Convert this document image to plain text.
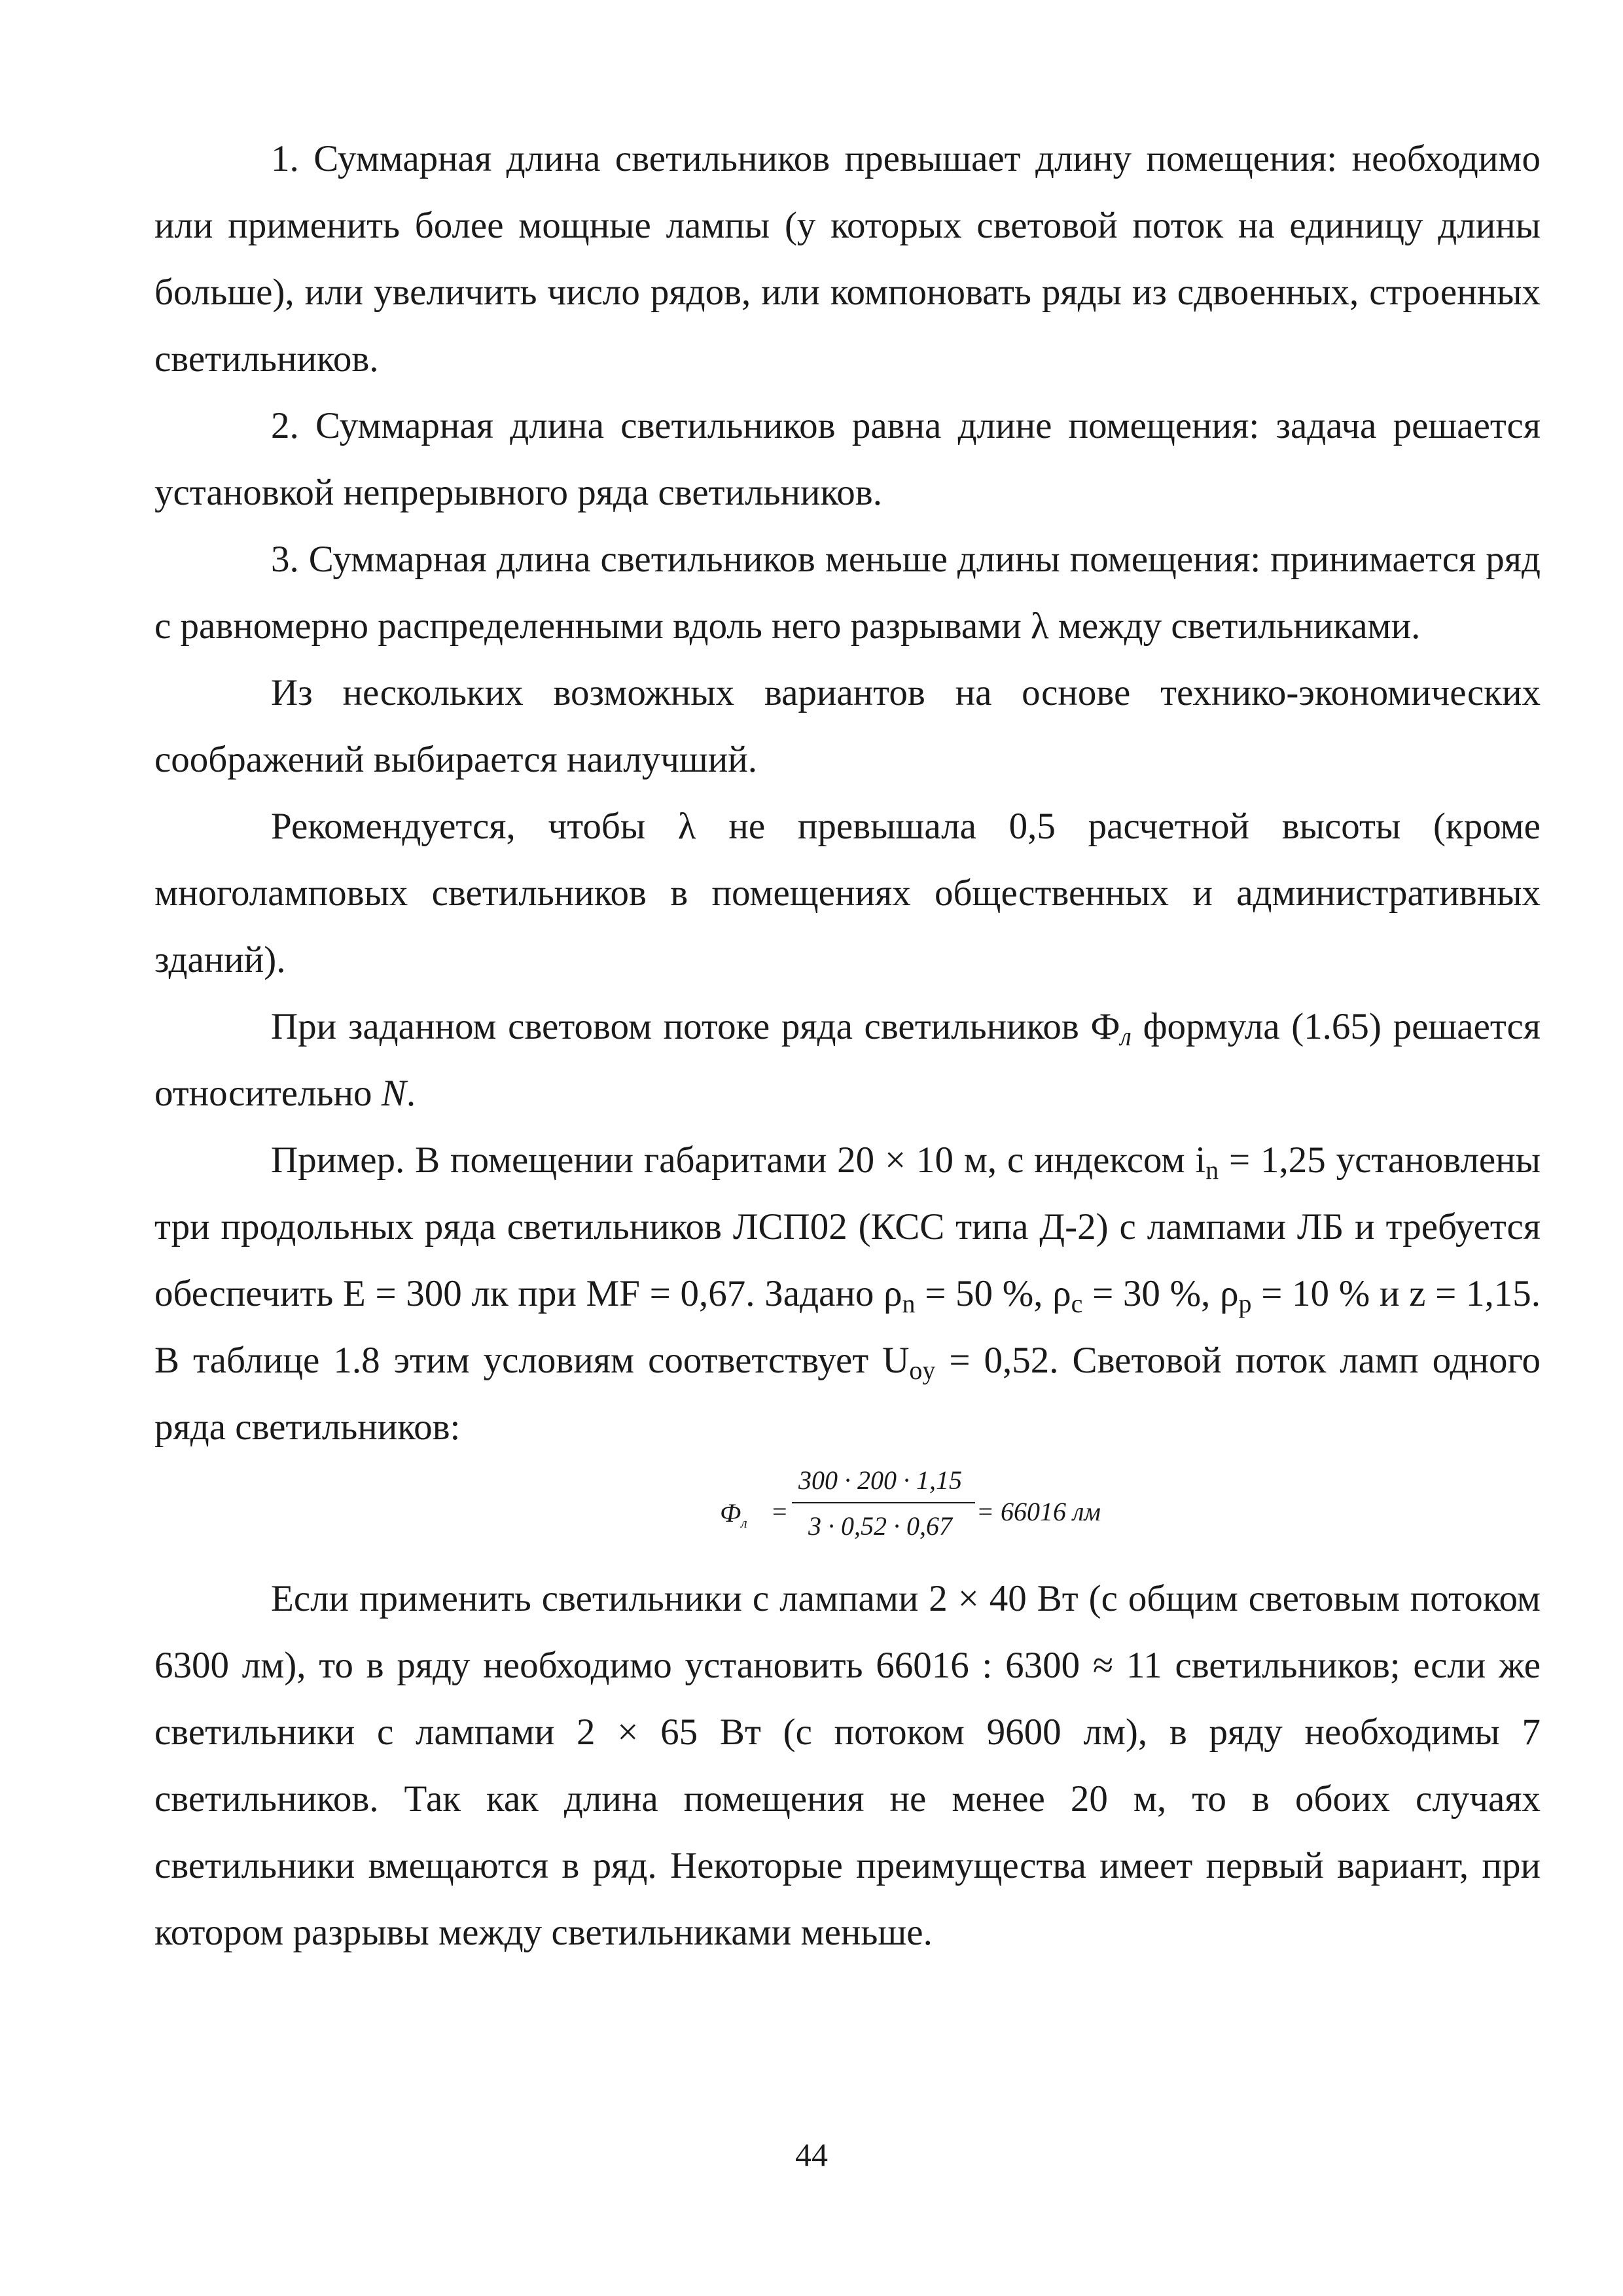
1. Суммарная длина светильников превышает длину помещения: необходимо или применить более мощные лампы (у которых световой поток на единицу длины больше), или увеличить число рядов, или компоновать ряды из сдвоенных, строенных светильников.

2. Суммарная длина светильников равна длине помещения: задача решается установкой непрерывного ряда светильников.

3. Суммарная длина светильников меньше длины помещения: принимается ряд с равномерно распределенными вдоль него разрывами λ между светильниками.

Из нескольких возможных вариантов на основе технико-экономических соображений выбирается наилучший.

Рекомендуется, чтобы λ не превышала 0,5 расчетной высоты (кроме многоламповых светильников в помещениях общественных и административных зданий).

При заданном световом потоке ряда светильников $Ф_л$ формула (1.65) решается относительно N.

Пример. В помещении габаритами 20 × 10 м, с индексом $i_n = 1,25$ установлены три продольных ряда светильников ЛСП02 (КСС типа Д-2) с лампами ЛБ и требуется обеспечить E = 300 лк при MF = 0,67. Задано $\rho_n = 50$ %, $\rho_c = 30$ %, $\rho_p = 10$ % и z = 1,15. В таблице 1.8 этим условиям соответствует $U_{oy} = 0,52$. Световой поток ламп одного ряда светильников:

$Ф_л$ =
300 · 200 · 1,15
3 · 0,52 · 0,67 = 66016 лм

Если применить светильники с лампами 2 × 40 Вт (с общим световым потоком 6300 лм), то в ряду необходимо установить 66016 : 6300 ≈ 11 светильников; если же светильники с лампами 2 × 65 Вт (с потоком 9600 лм), в ряду необходимы 7 светильников. Так как длина помещения не менее 20 м, то в обоих случаях светильники вмещаются в ряд. Некоторые преимущества имеет первый вариант, при котором разрывы между светильниками меньше.

44
